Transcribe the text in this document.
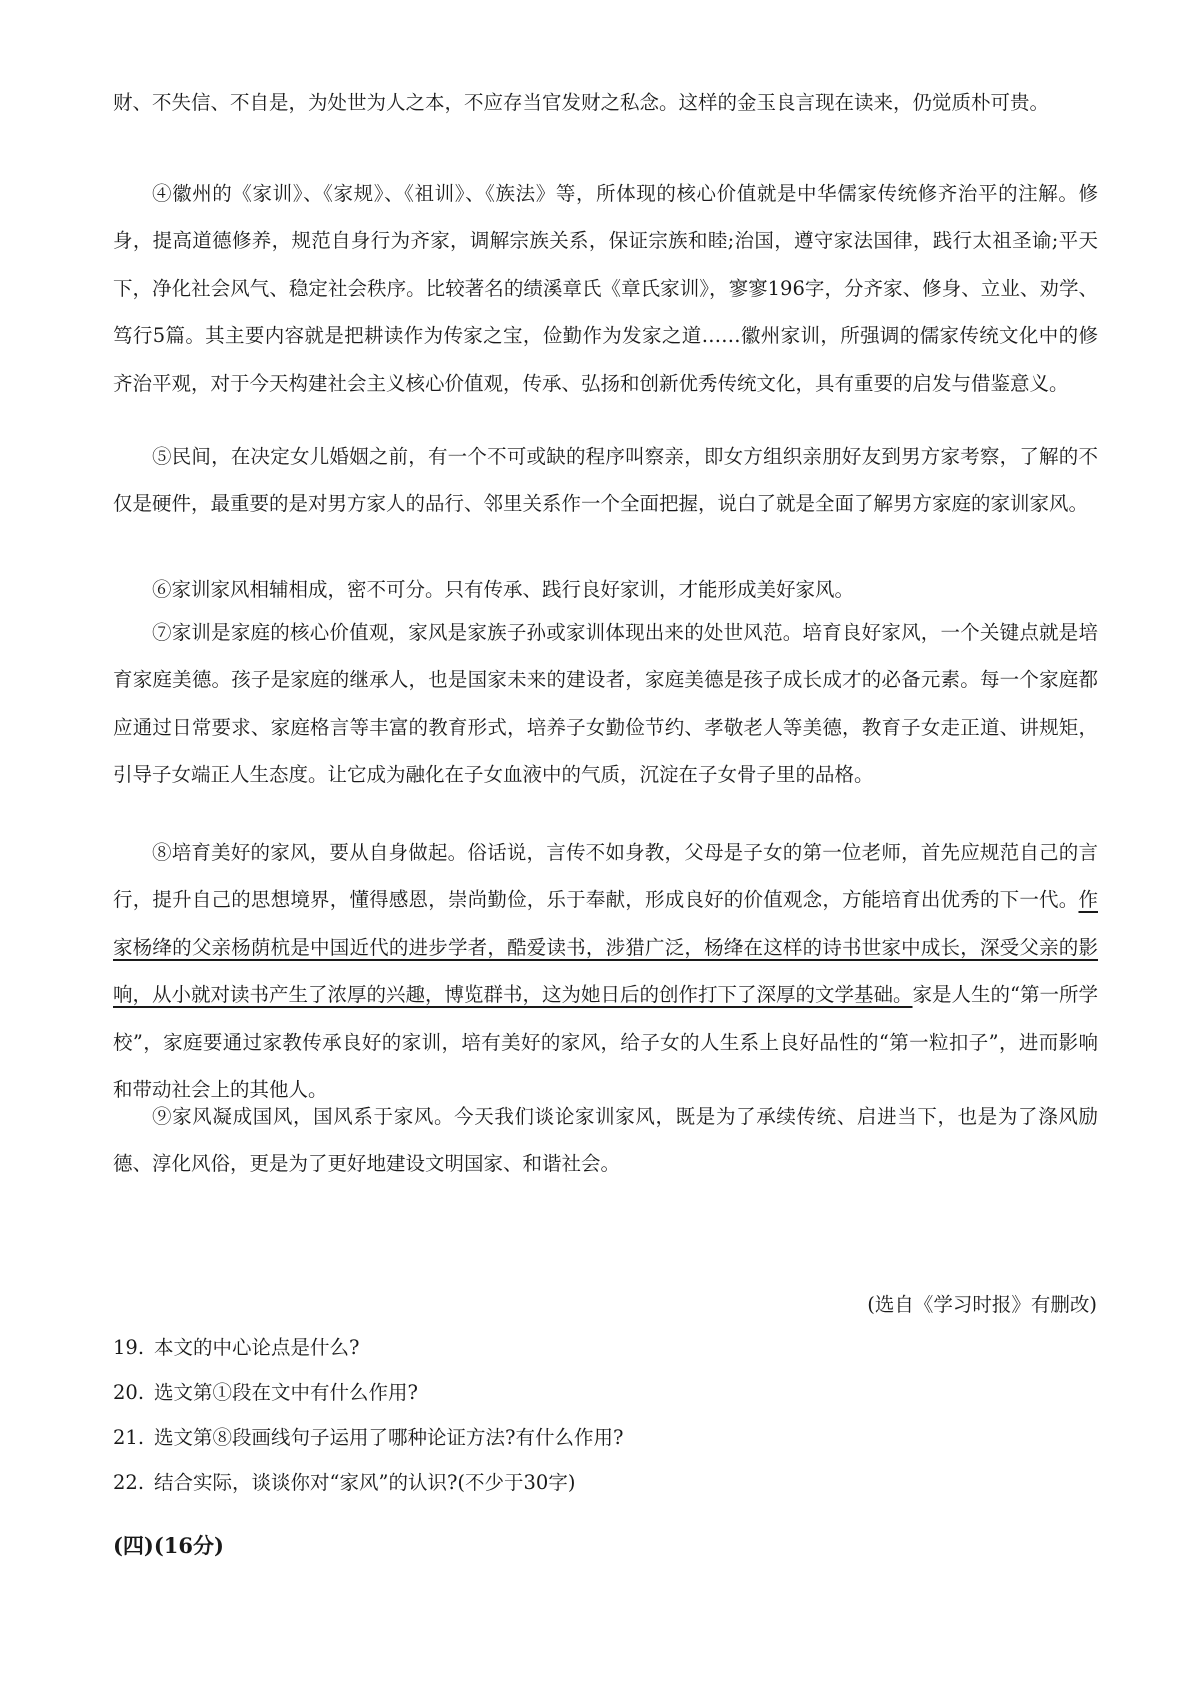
财、不失信、不自是，为处世为人之本，不应存当官发财之私念。这样的金玉良言现在读来，仍觉质朴可贵。

④徽州的《家训》、《家规》、《祖训》、《族法》等，所体现的核心价值就是中华儒家传统修齐治平的注解。修身，提高道德修养，规范自身行为齐家，调解宗族关系，保证宗族和睦;治国，遵守家法国律，践行太祖圣谕;平天下，净化社会风气、稳定社会秩序。比较著名的绩溪章氏《章氏家训》，寥寥196字，分齐家、修身、立业、劝学、笃行5篇。其主要内容就是把耕读作为传家之宝，俭勤作为发家之道……徽州家训，所强调的儒家传统文化中的修齐治平观，对于今天构建社会主义核心价值观，传承、弘扬和创新优秀传统文化，具有重要的启发与借鉴意义。

⑤民间，在决定女儿婚姻之前，有一个不可或缺的程序叫察亲，即女方组织亲朋好友到男方家考察，了解的不仅是硬件，最重要的是对男方家人的品行、邻里关系作一个全面把握，说白了就是全面了解男方家庭的家训家风。

⑥家训家风相辅相成，密不可分。只有传承、践行良好家训，才能形成美好家风。

⑦家训是家庭的核心价值观，家风是家族子孙或家训体现出来的处世风范。培育良好家风，一个关键点就是培育家庭美德。孩子是家庭的继承人，也是国家未来的建设者，家庭美德是孩子成长成才的必备元素。每一个家庭都应通过日常要求、家庭格言等丰富的教育形式，培养子女勤俭节约、孝敬老人等美德，教育子女走正道、讲规矩，引导子女端正人生态度。让它成为融化在子女血液中的气质，沉淀在子女骨子里的品格。

⑧培育美好的家风，要从自身做起。俗话说，言传不如身教，父母是子女的第一位老师，首先应规范自己的言行，提升自己的思想境界，懂得感恩，崇尚勤俭，乐于奉献，形成良好的价值观念，方能培育出优秀的下一代。作家杨绛的父亲杨荫杭是中国近代的进步学者，酷爱读书，涉猎广泛，杨绛在这样的诗书世家中成长，深受父亲的影响，从小就对读书产生了浓厚的兴趣，博览群书，这为她日后的创作打下了深厚的文学基础。家是人生的“第一所学校”，家庭要通过家教传承良好的家训，培有美好的家风，给子女的人生系上良好品性的“第一粒扣子”，进而影响和带动社会上的其他人。

⑨家风凝成国风，国风系于家风。今天我们谈论家训家风，既是为了承续传统、启进当下，也是为了涤风励德、淳化风俗，更是为了更好地建设文明国家、和谐社会。

(选自《学习时报》有删改)

19. 本文的中心论点是什么?

20. 选文第①段在文中有什么作用?

21. 选文第⑧段画线句子运用了哪种论证方法?有什么作用?

22. 结合实际，谈谈你对“家风”的认识?(不少于30字)

(四)(16分)
